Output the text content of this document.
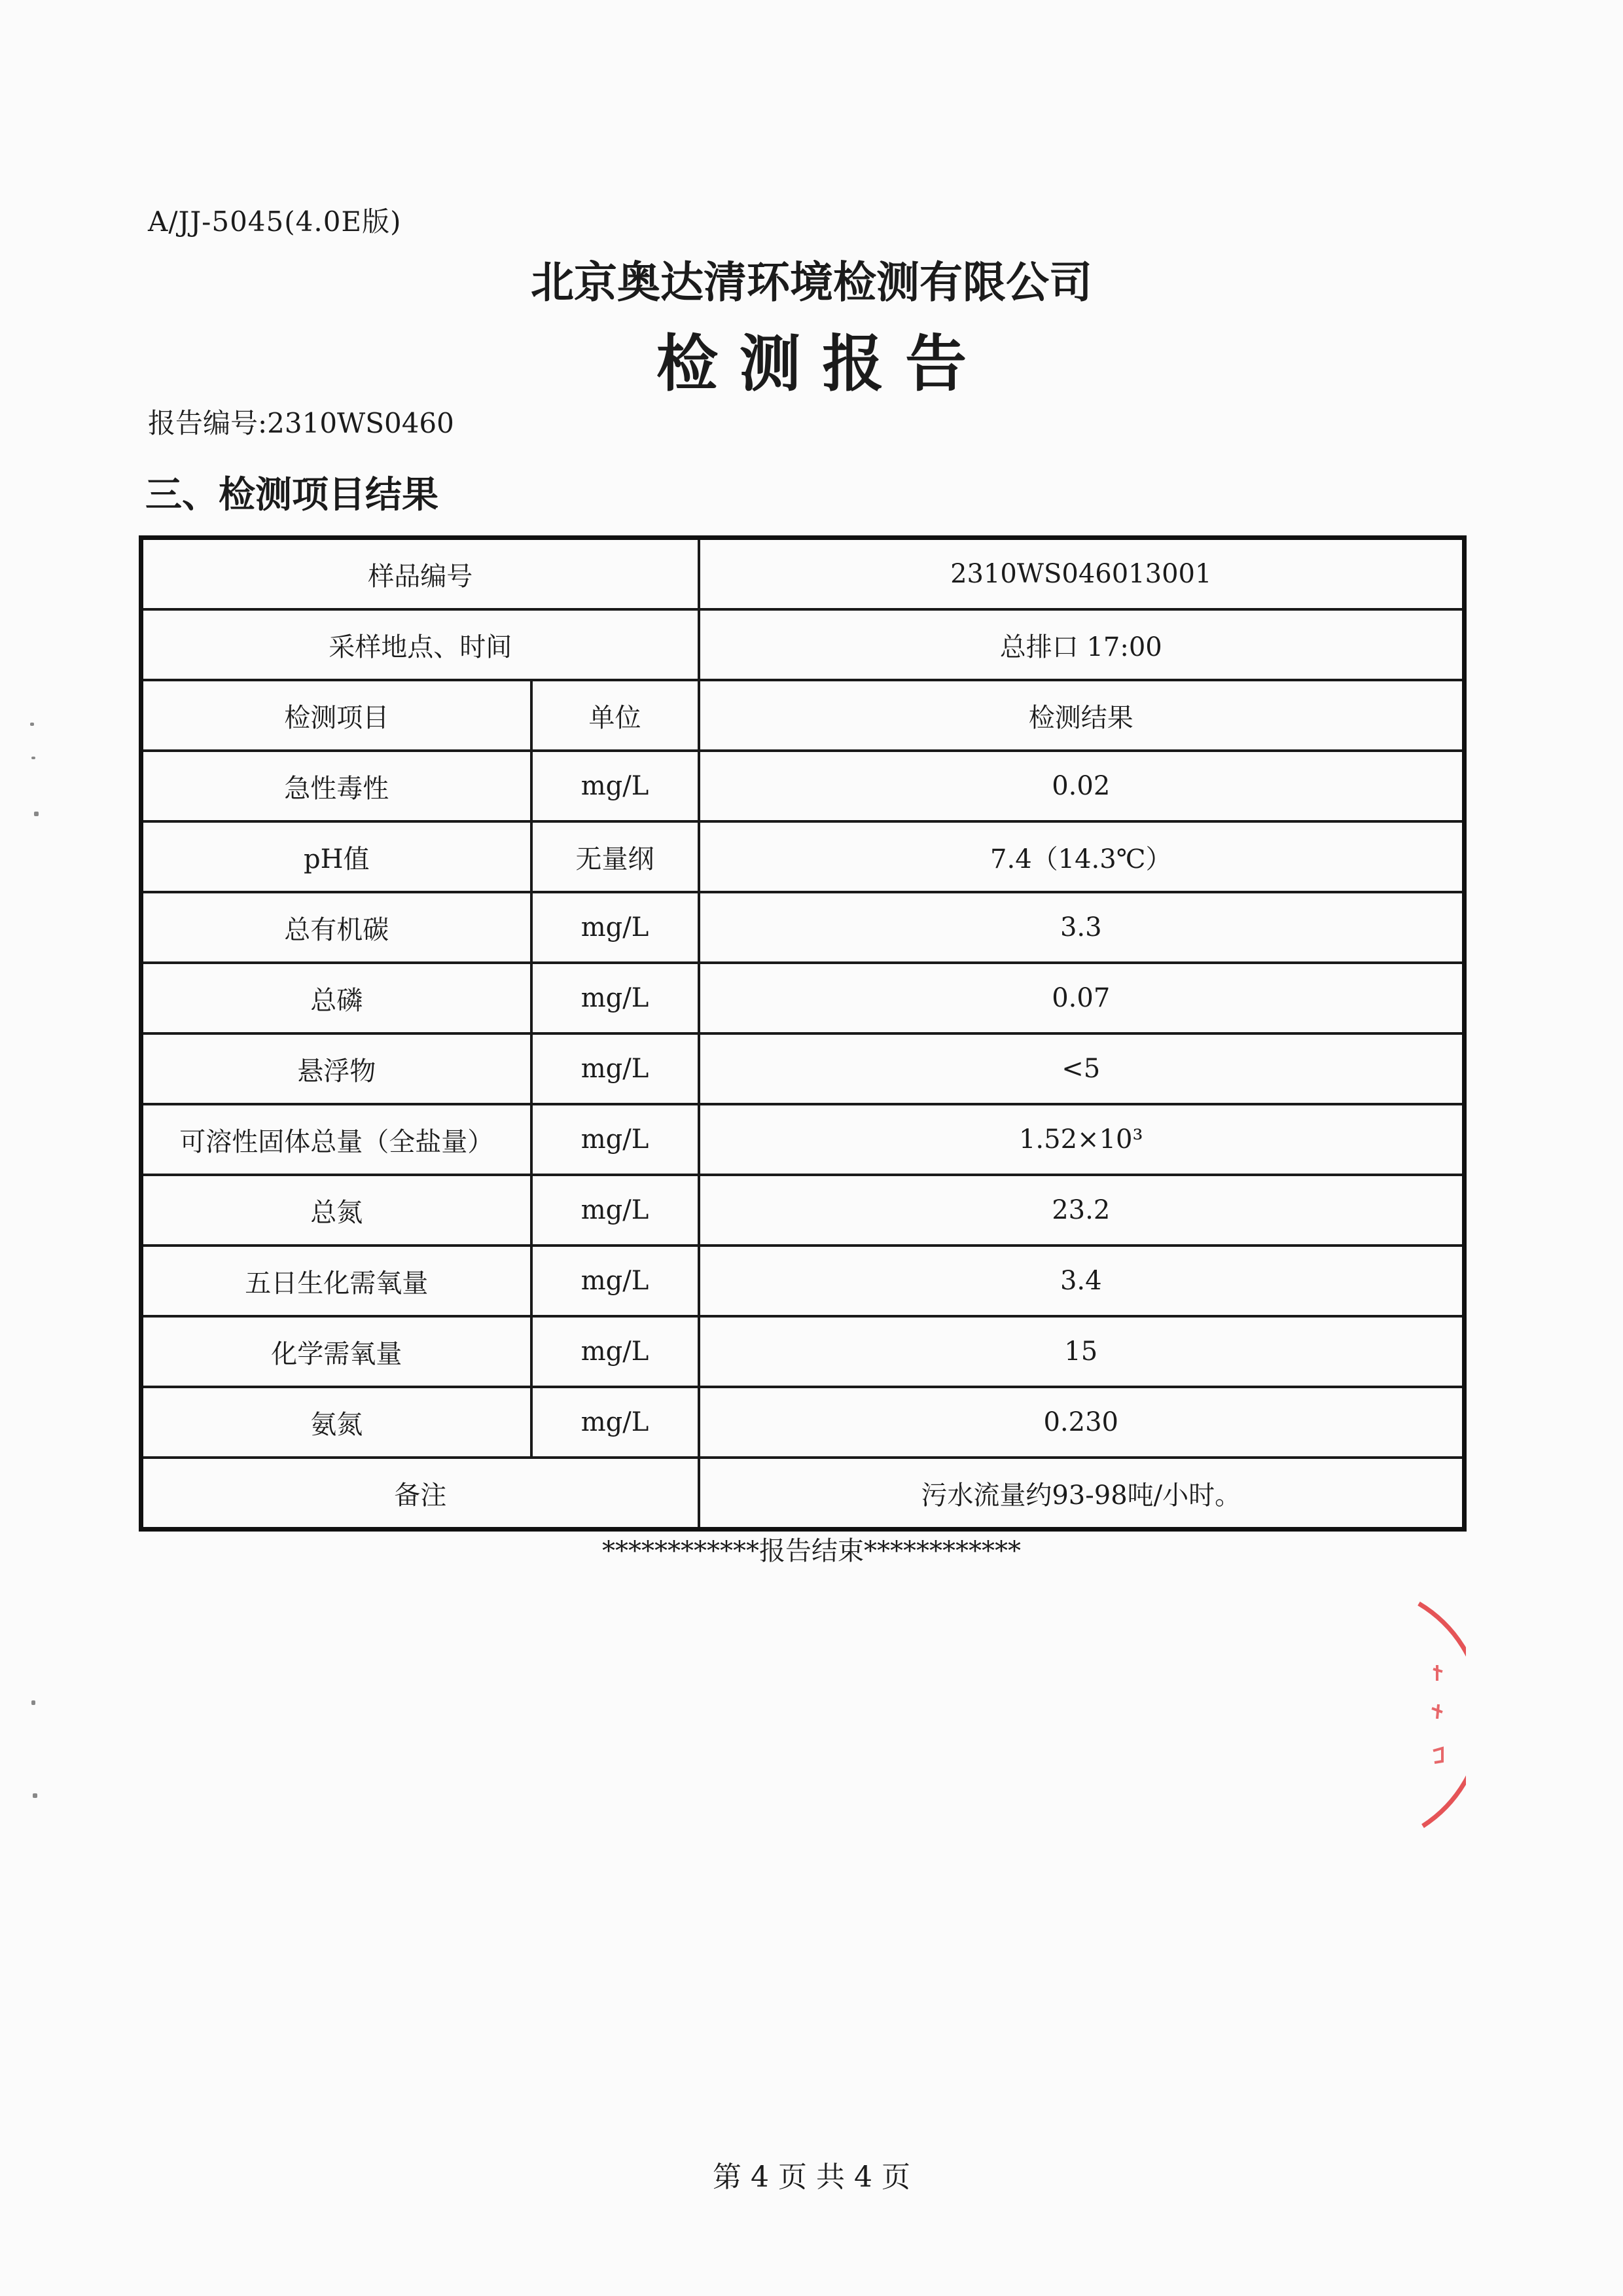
A/JJ-5045(4.0E版)
北京奥达清环境检测有限公司
检 测 报 告
报告编号:2310WS0460
三、检测项目结果
样品编号		2310WS046013001
采样地点、时间		总排口 17:00
检测项目	单位	检测结果
急性毒性	mg/L	0.02
pH值	无量纲	7.4（14.3℃）
总有机碳	mg/L	3.3
总磷	mg/L	0.07
悬浮物	mg/L	<5
可溶性固体总量（全盐量）	mg/L	1.52×10³
总氮	mg/L	23.2
五日生化需氧量	mg/L	3.4
化学需氧量	mg/L	15
氨氮	mg/L	0.230
备注		污水流量约93-98吨/小时。
************报告结束************
第 4 页 共 4 页
